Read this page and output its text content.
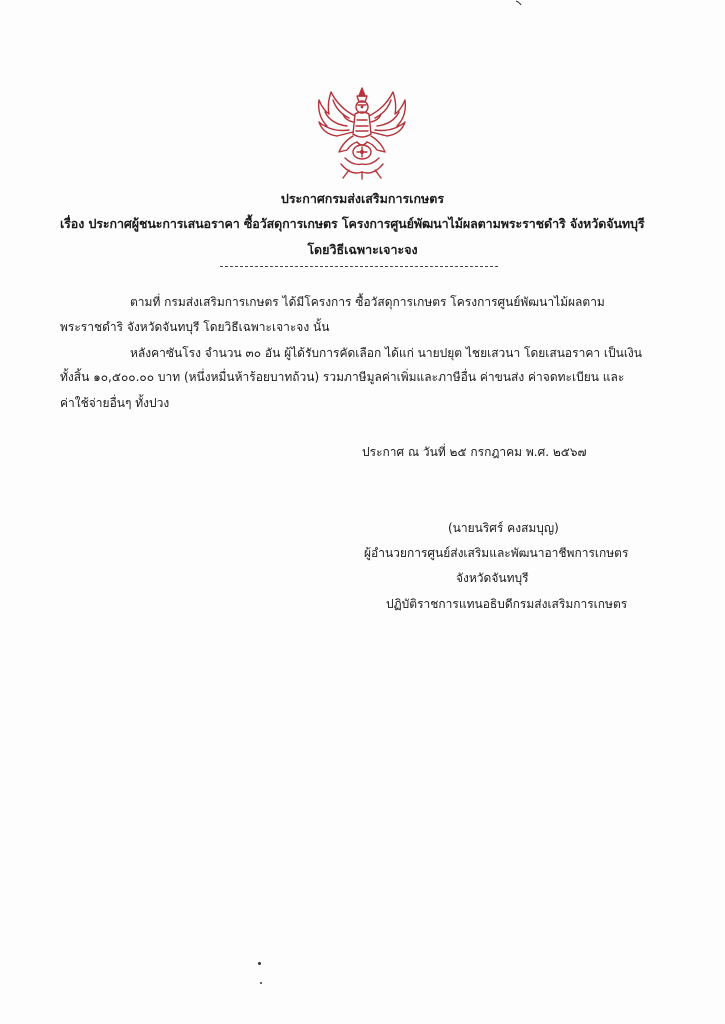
ประกาศกรมส่งเสริมการเกษตร
เรื่อง ประกาศผู้ชนะการเสนอราคา ซื้อวัสดุการเกษตร โครงการศูนย์พัฒนาไม้ผลตามพระราชดำริ จังหวัดจันทบุรี
โดยวิธีเฉพาะเจาะจง
ตามที่ กรมส่งเสริมการเกษตร ได้มีโครงการ ซื้อวัสดุการเกษตร โครงการศูนย์พัฒนาไม้ผลตาม
พระราชดำริ จังหวัดจันทบุรี โดยวิธีเฉพาะเจาะจง นั้น
หลังคาซันโรง จำนวน ๓๐ อัน ผู้ได้รับการคัดเลือก ได้แก่ นายปยุต ไชยเสวนา โดยเสนอราคา เป็นเงิน
ทั้งสิ้น ๑๐,๕๐๐.๐๐ บาท (หนึ่งหมื่นห้าร้อยบาทถ้วน) รวมภาษีมูลค่าเพิ่มและภาษีอื่น ค่าขนส่ง ค่าจดทะเบียน และ
ค่าใช้จ่ายอื่นๆ ทั้งปวง
ประกาศ ณ วันที่ ๒๕ กรกฎาคม พ.ศ. ๒๕๖๗
(นายนริศร์ คงสมบุญ)
ผู้อำนวยการศูนย์ส่งเสริมและพัฒนาอาชีพการเกษตร
จังหวัดจันทบุรี
ปฏิบัติราชการแทนอธิบดีกรมส่งเสริมการเกษตร
